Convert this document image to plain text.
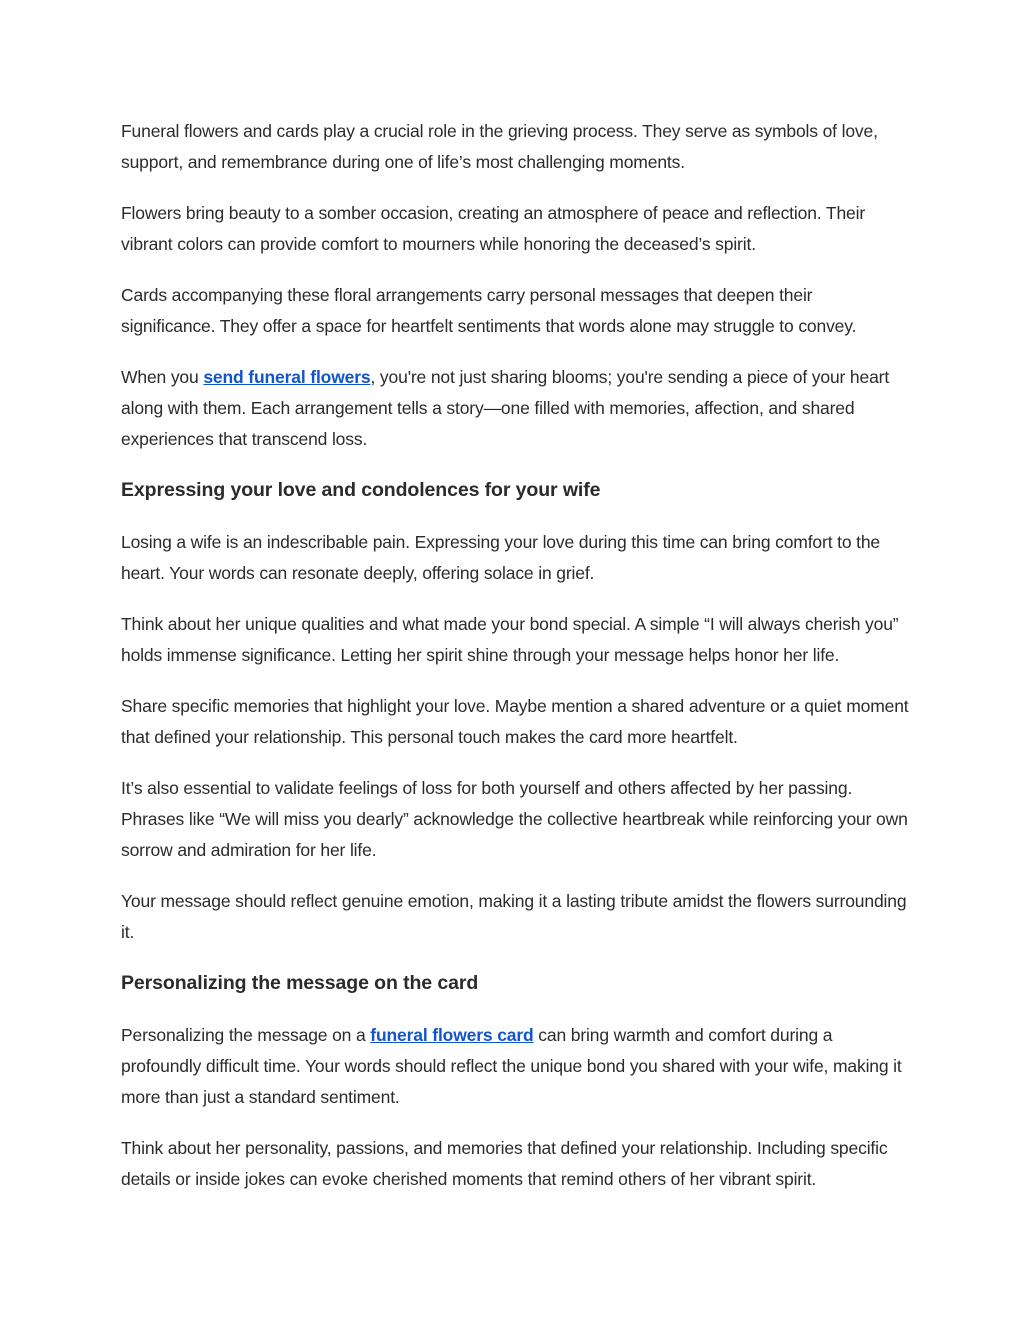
Funeral flowers and cards play a crucial role in the grieving process. They serve as symbols of love, support, and remembrance during one of life’s most challenging moments.

Flowers bring beauty to a somber occasion, creating an atmosphere of peace and reflection. Their vibrant colors can provide comfort to mourners while honoring the deceased’s spirit.

Cards accompanying these floral arrangements carry personal messages that deepen their significance. They offer a space for heartfelt sentiments that words alone may struggle to convey.

When you send funeral flowers, you're not just sharing blooms; you're sending a piece of your heart along with them. Each arrangement tells a story—one filled with memories, affection, and shared experiences that transcend loss.

Expressing your love and condolences for your wife

Losing a wife is an indescribable pain. Expressing your love during this time can bring comfort to the heart. Your words can resonate deeply, offering solace in grief.

Think about her unique qualities and what made your bond special. A simple “I will always cherish you” holds immense significance. Letting her spirit shine through your message helps honor her life.

Share specific memories that highlight your love. Maybe mention a shared adventure or a quiet moment that defined your relationship. This personal touch makes the card more heartfelt.

It’s also essential to validate feelings of loss for both yourself and others affected by her passing. Phrases like “We will miss you dearly” acknowledge the collective heartbreak while reinforcing your own sorrow and admiration for her life.

Your message should reflect genuine emotion, making it a lasting tribute amidst the flowers surrounding it.

Personalizing the message on the card

Personalizing the message on a funeral flowers card can bring warmth and comfort during a profoundly difficult time. Your words should reflect the unique bond you shared with your wife, making it more than just a standard sentiment.

Think about her personality, passions, and memories that defined your relationship. Including specific details or inside jokes can evoke cherished moments that remind others of her vibrant spirit.
